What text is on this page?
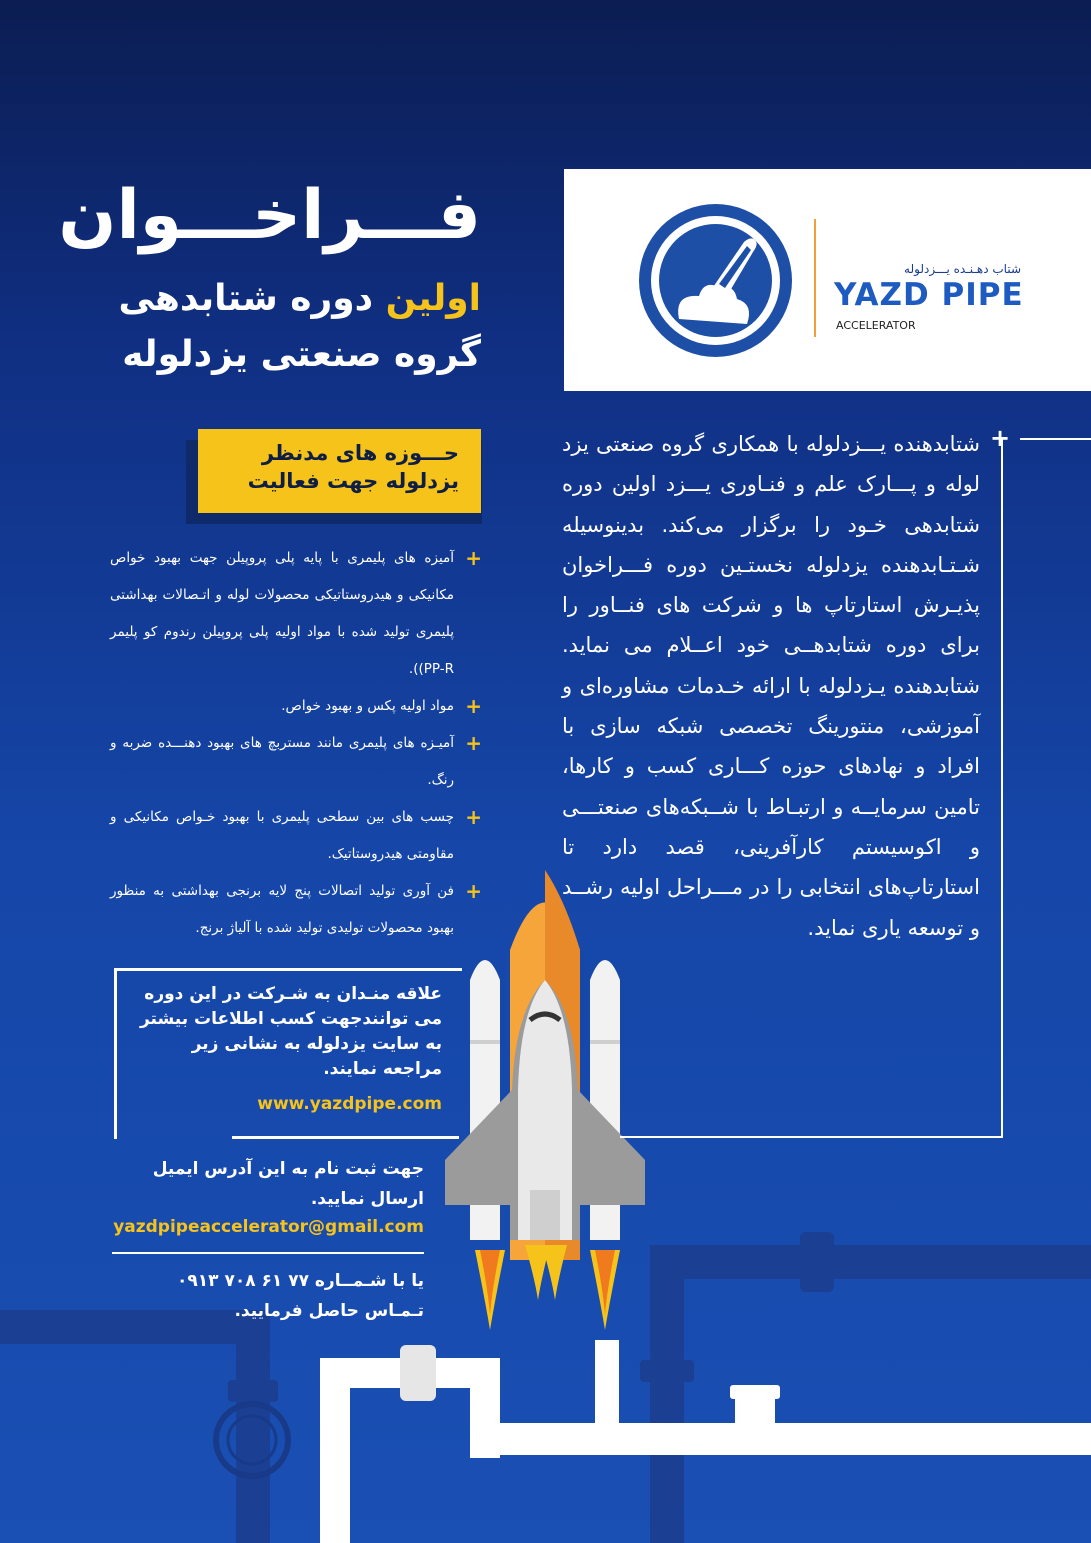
شتاب دهـنـده یـــزدلوله
YAZD PIPE
ACCELERATOR
فـــراخـــوان
اولین دوره شتابدهی
گروه صنعتی یزدلوله
حـــوزه های مدنظر
یزدلوله جهت فعالیت

+
آمیزه های پلیمری با پایه پلی پروپیلن جهت بهبود خواص مکانیکی و هیدروستاتیکی محصولات لوله و اتـصالات بهداشتی پلیمری تولید شده با مواد اولیه پلی پروپیلن رندوم کو پلیمر PP-R)).

+
مواد اولیه پکس و بهبود خواص.

+
آمیـزه های پلیمری مانند مستربچ های بهبود دهنـــده ضربه و رنگ.

+
چسب های بین سطحی پلیمری با بهبود خـواص مکانیکی و مقاومتی هیدروستاتیک.

+
فن آوری تولید اتصالات پنج لایه برنجی بهداشتی به منظور بهبود محصولات تولیدی تولید شده با آلیاژ برنج.

+
شتابدهنده یـــزدلوله با همکاری گروه صنعتی یزد لوله و پـــارک علم و فنـاوری یـــزد اولین دوره شتابدهی خـود را برگزار می‌کند. بدینوسیله شـتـابدهنده یزدلوله نخستـین دوره فـــراخوان پذیـرش استارتاپ ها و شرکت های فنــاور را برای دوره شتابدهــی خود اعــلام می نماید. شتابدهنده یـزدلوله با ارائه خـدمات مشاوره‌ای و آموزشی، منتورینگ تخصصی شبکه سازی با افراد و نهادهای حوزه کـــاری کسب و کارها، تامین سرمایــه و ارتبـاط با شــبکه‌های صنعتـــی و اکوسیستم کارآفرینی، قصد دارد تا استارتاپ‌های انتخابی را در مـــراحل اولیه رشــد و توسعه یاری نماید.
علاقه منـدان به شـرکت در این دوره می توانندجهت کسب اطلاعات بیشتر به سایت یزدلوله به نشانی زیر مراجعه نمایند.
www.yazdpipe.com
جهت ثبت نام به این آدرس ایمیل ارسال نمایید.
yazdpipeaccelerator@gmail.com
یا با شـمــاره ۷۷ ۶۱ ۷۰۸ ۰۹۱۳ تـمـاس حاصل فرمایید.
